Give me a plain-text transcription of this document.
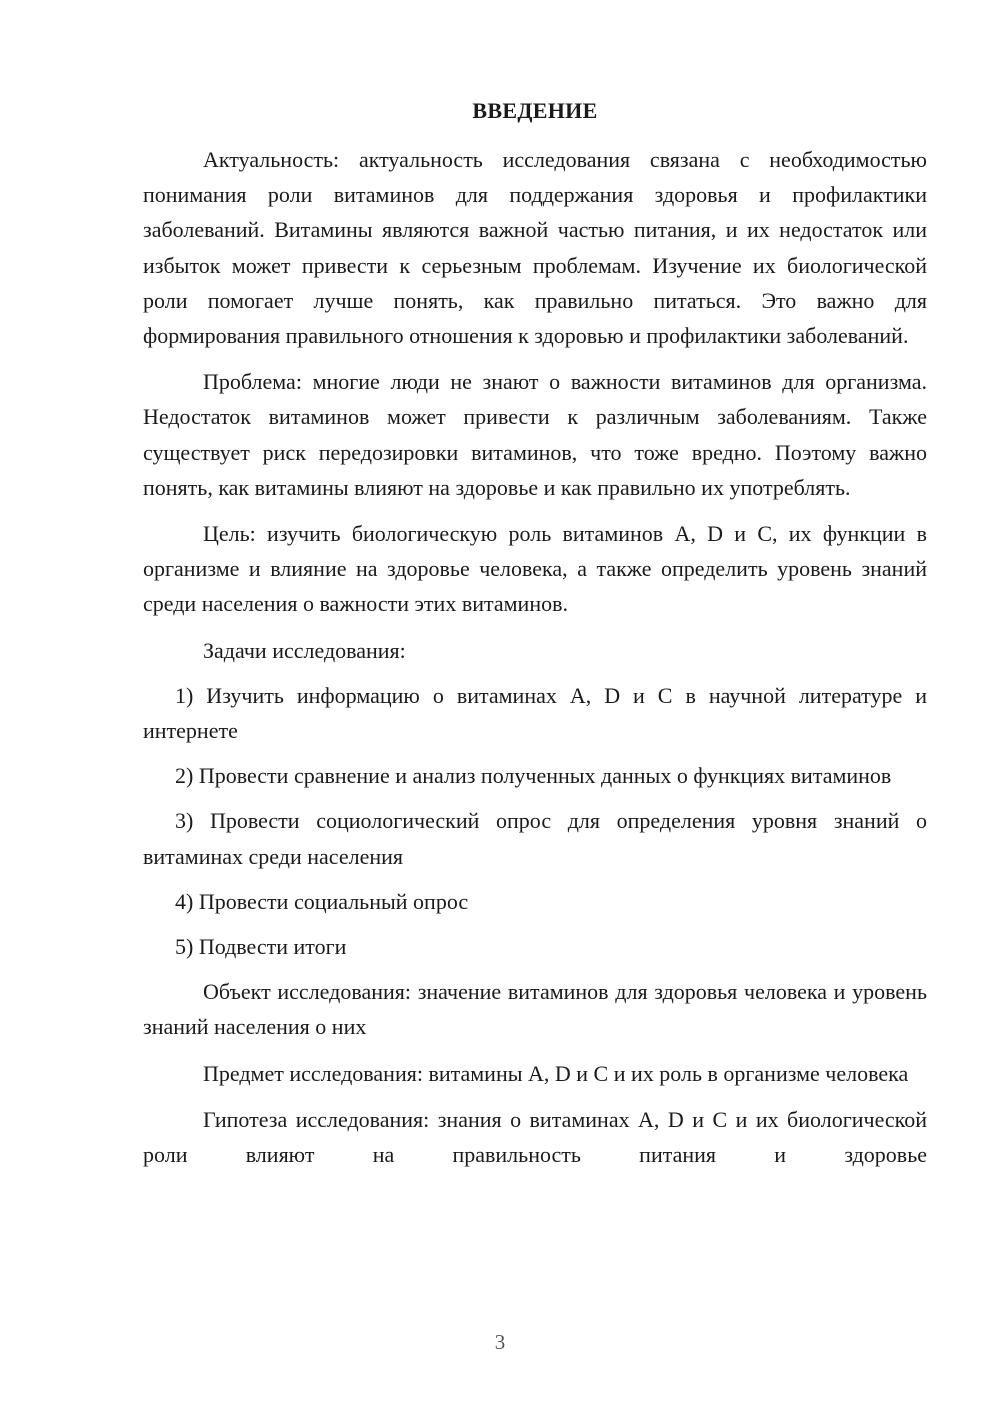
ВВЕДЕНИЕ

Актуальность: актуальность исследования связана с необходимостью понимания роли витаминов для поддержания здоровья и профилактики заболеваний. Витамины являются важной частью питания, и их недостаток или избыток может привести к серьезным проблемам. Изучение их биологической роли помогает лучше понять, как правильно питаться. Это важно для формирования правильного отношения к здоровью и профилактики заболеваний.

Проблема: многие люди не знают о важности витаминов для организма. Недостаток витаминов может привести к различным заболеваниям. Также существует риск передозировки витаминов, что тоже вредно. Поэтому важно понять, как витамины влияют на здоровье и как правильно их употреблять.

Цель: изучить биологическую роль витаминов A, D и C, их функции в организме и влияние на здоровье человека, а также определить уровень знаний среди населения о важности этих витаминов.

Задачи исследования:

1) Изучить информацию о витаминах A, D и C в научной литературе и интернете

2) Провести сравнение и анализ полученных данных о функциях витаминов

3) Провести социологический опрос для определения уровня знаний о витаминах среди населения

4) Провести социальный опрос

5) Подвести итоги

Объект исследования: значение витаминов для здоровья человека и уровень знаний населения о них

Предмет исследования: витамины A, D и C и их роль в организме человека

Гипотеза исследования: знания о витаминах A, D и C и их биологической роли влияют на правильность питания и здоровье

3
